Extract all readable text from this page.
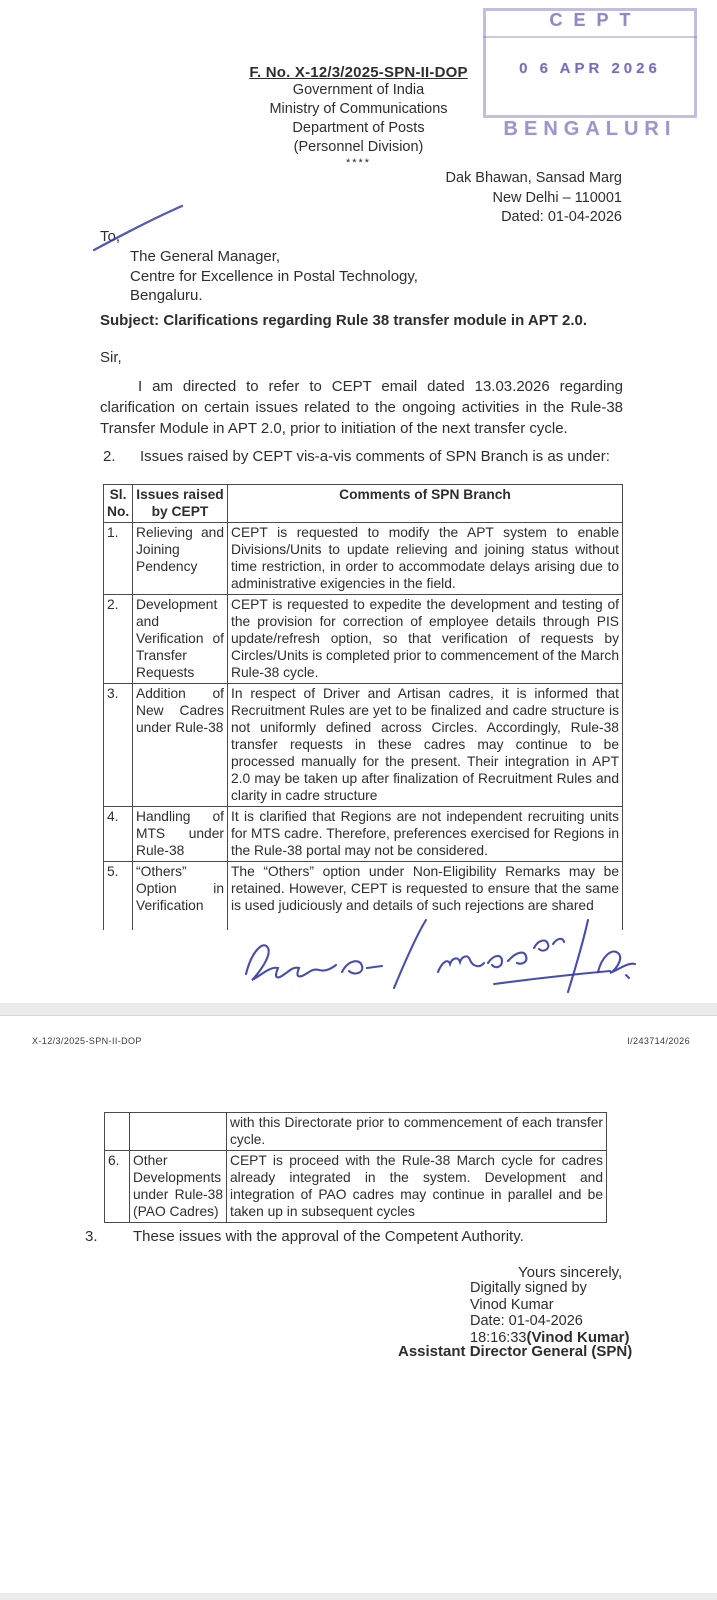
CEPT
0 6 APR 2026
BENGALURI
F. No. X-12/3/2025-SPN-II-DOP
Government of India
Ministry of Communications
Department of Posts
(Personnel Division)
****
Dak Bhawan, Sansad Marg
New Delhi – 110001
Dated: 01-04-2026
To,
The General Manager,
Centre for Excellence in Postal Technology,
Bengaluru.
Subject: Clarifications regarding Rule 38 transfer module in APT 2.0.
Sir,
I am directed to refer to CEPT email dated 13.03.2026 regarding clarification on certain issues related to the ongoing activities in the Rule-38 Transfer Module in APT 2.0, prior to initiation of the next transfer cycle.
2.	Issues raised by CEPT vis-a-vis comments of SPN Branch is as under:
Sl. No.	Issues raised by CEPT	Comments of SPN Branch
1.	Relieving and Joining Pendency	CEPT is requested to modify the APT system to enable Divisions/Units to update relieving and joining status without time restriction, in order to accommodate delays arising due to administrative exigencies in the field.
2.	Development and Verification of Transfer Requests	CEPT is requested to expedite the development and testing of the provision for correction of employee details through PIS update/refresh option, so that verification of requests by Circles/Units is completed prior to commencement of the March Rule-38 cycle.
3.	Addition of New Cadres under Rule-38	In respect of Driver and Artisan cadres, it is informed that Recruitment Rules are yet to be finalized and cadre structure is not uniformly defined across Circles. Accordingly, Rule-38 transfer requests in these cadres may continue to be processed manually for the present. Their integration in APT 2.0 may be taken up after finalization of Recruitment Rules and clarity in cadre structure
4.	Handling of MTS under Rule-38	It is clarified that Regions are not independent recruiting units for MTS cadre. Therefore, preferences exercised for Regions in the Rule-38 portal may not be considered.
5.	“Others” Option in Verification	The “Others” option under Non-Eligibility Remarks may be retained. However, CEPT is requested to ensure that the same is used judiciously and details of such rejections are shared
X-12/3/2025-SPN-II-DOP	I/243714/2026
		with this Directorate prior to commencement of each transfer cycle.
6.	Other Developments under Rule-38 (PAO Cadres)	CEPT is proceed with the Rule-38 March cycle for cadres already integrated in the system. Development and integration of PAO cadres may continue in parallel and be taken up in subsequent cycles
3.	These issues with the approval of the Competent Authority.
Yours sincerely,
Digitally signed by
Vinod Kumar
Date: 01-04-2026
18:16:33(Vinod Kumar)
Assistant Director General (SPN)
